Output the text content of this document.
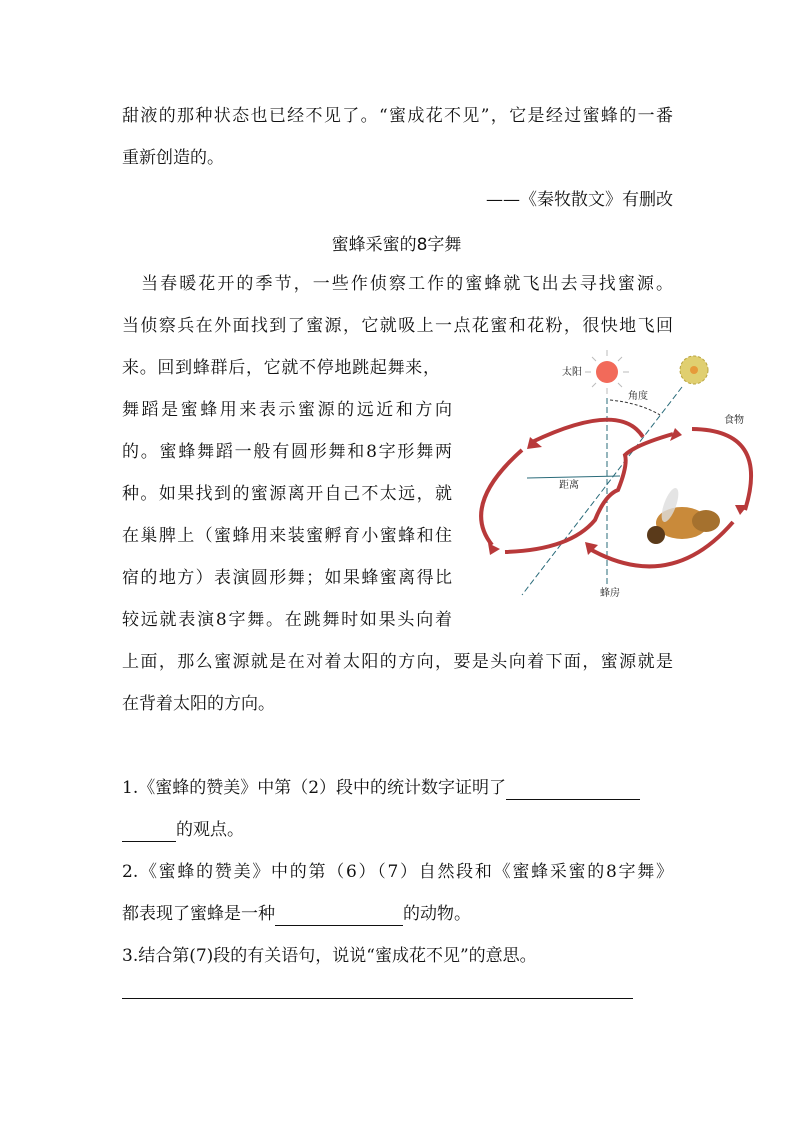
甜液的那种状态也已经不见了。“蜜成花不见”，它是经过蜜蜂的一番
重新创造的。
——《秦牧散文》有删改
蜜蜂采蜜的8字舞
　当春暖花开的季节，一些作侦察工作的蜜蜂就飞出去寻找蜜源。
当侦察兵在外面找到了蜜源，它就吸上一点花蜜和花粉，很快地飞回
来。回到蜂群后，它就不停地跳起舞来，
舞蹈是蜜蜂用来表示蜜源的远近和方向
的。蜜蜂舞蹈一般有圆形舞和8字形舞两
种。如果找到的蜜源离开自己不太远，就
在巢脾上（蜜蜂用来装蜜孵育小蜜蜂和住
宿的地方）表演圆形舞；如果蜂蜜离得比
较远就表演8字舞。在跳舞时如果头向着
上面，那么蜜源就是在对着太阳的方向，要是头向着下面，蜜源就是
在背着太阳的方向。
太阳
角度
食物
距离
蜂房
1.《蜜蜂的赞美》中第（2）段中的统计数字证明了
的观点。
2.《蜜蜂的赞美》中的第（6）（7）自然段和《蜜蜂采蜜的8字舞》
都表现了蜜蜂是一种	的动物。
3.结合第(7)段的有关语句，说说“蜜成花不见”的意思。
